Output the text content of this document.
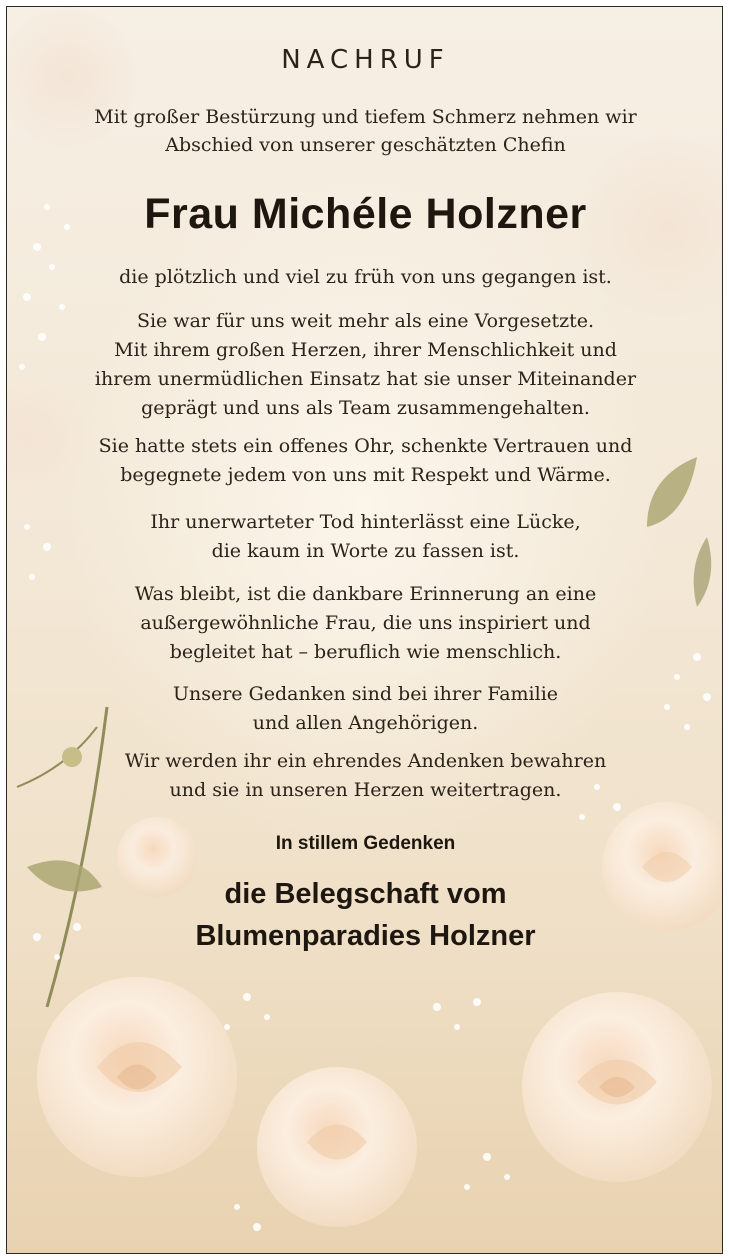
NACHRUF
Mit großer Bestürzung und tiefem Schmerz nehmen wir
Abschied von unserer geschätzten Chefin
Frau Michéle Holzner
die plötzlich und viel zu früh von uns gegangen ist.
Sie war für uns weit mehr als eine Vorgesetzte.
Mit ihrem großen Herzen, ihrer Menschlichkeit und
ihrem unermüdlichen Einsatz hat sie unser Miteinander
geprägt und uns als Team zusammengehalten.
Sie hatte stets ein offenes Ohr, schenkte Vertrauen und
begegnete jedem von uns mit Respekt und Wärme.
Ihr unerwarteter Tod hinterlässt eine Lücke,
die kaum in Worte zu fassen ist.
Was bleibt, ist die dankbare Erinnerung an eine
außergewöhnliche Frau, die uns inspiriert und
begleitet hat – beruflich wie menschlich.
Unsere Gedanken sind bei ihrer Familie
und allen Angehörigen.
Wir werden ihr ein ehrendes Andenken bewahren
und sie in unseren Herzen weitertragen.
In stillem Gedenken
die Belegschaft vom
Blumenparadies Holzner
